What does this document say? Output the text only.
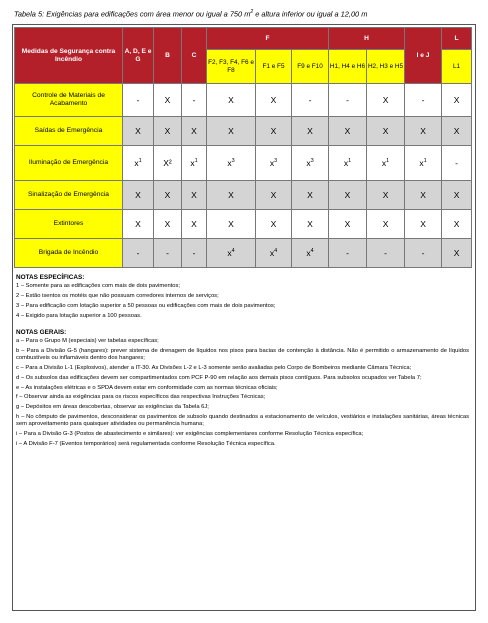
Tabela 5: Exigências para edificações com área menor ou igual a 750 $m^2$ e altura inferior ou igual a 12,00 m
Medidas de Segurança contra Incêndio	A, D, E e G	B	C	F			H		I e J	L
				F2, F3, F4, F6 e F8	F1 e F5	F9 e F10	H1, H4 e H6	H2, H3 e H5		L1
Controle de Materiais de Acabamento	-	X	-	X	X	-	-	X	-	X
Saídas de Emergência	X	X	X	X	X	X	X	X	X	X
Iluminação de Emergência	$x^1$	X²	$x^1$	$x^3$	$x^3$	$x^3$	$x^1$	$x^1$	$x^1$	-
Sinalização de Emergência	X	X	X	X	X	X	X	X	X	X
Extintores	X	X	X	X	X	X	X	X	X	X
Brigada de Incêndio	-	-	-	$x^4$	$x^4$	$x^4$	-	-	-	X
NOTAS ESPECÍFICAS:

1 – Somente para as edificações com mais de dois pavimentos;

2 – Estão isentos os motéis que não possuam corredores internos de serviços;

3 – Para edificação com lotação superior a 50 pessoas ou edificações com mais de dois pavimentos;

4 – Exigido para lotação superior a 100 pessoas.

NOTAS GERAIS:

a – Para o Grupo M (especiais) ver tabelas específicas;

b – Para a Divisão G-5 (hangares): prever sistema de drenagem de líquidos nos pisos para bacias de contenção à distância. Não é permitido o armazenamento de líquidos combustíveis ou inflamáveis dentro dos hangares;

c – Para a Divisão L-1 (Explosivos), atender a IT-30. As Divisões L-2 e L-3 somente serão avaliadas pelo Corpo de Bombeiros mediante Câmara Técnica;

d – Os subsolos das edificações devem ser compartimentados com PCF P-90 em relação aos demais pisos contíguos. Para subsolos ocupados ver Tabela 7;

e – As instalações elétricas e o SPDA devem estar em conformidade com as normas técnicas oficiais;

f – Observar ainda as exigências para os riscos específicos das respectivas Instruções Técnicas;

g – Depósitos em áreas descobertas, observar as exigências da Tabela 6J;

h – No cômputo de pavimentos, desconsiderar os pavimentos de subsolo quando destinados a estacionamento de veículos, vestiários e instalações sanitárias, áreas técnicas sem aproveitamento para quaisquer atividades ou permanência humana;

i – Para a Divisão G-3 (Postos de abastecimento e similares): ver exigências complementares conforme Resolução Técnica específica;

i – A Divisão F-7 (Eventos temporários) será regulamentada conforme Resolução Técnica específica.
